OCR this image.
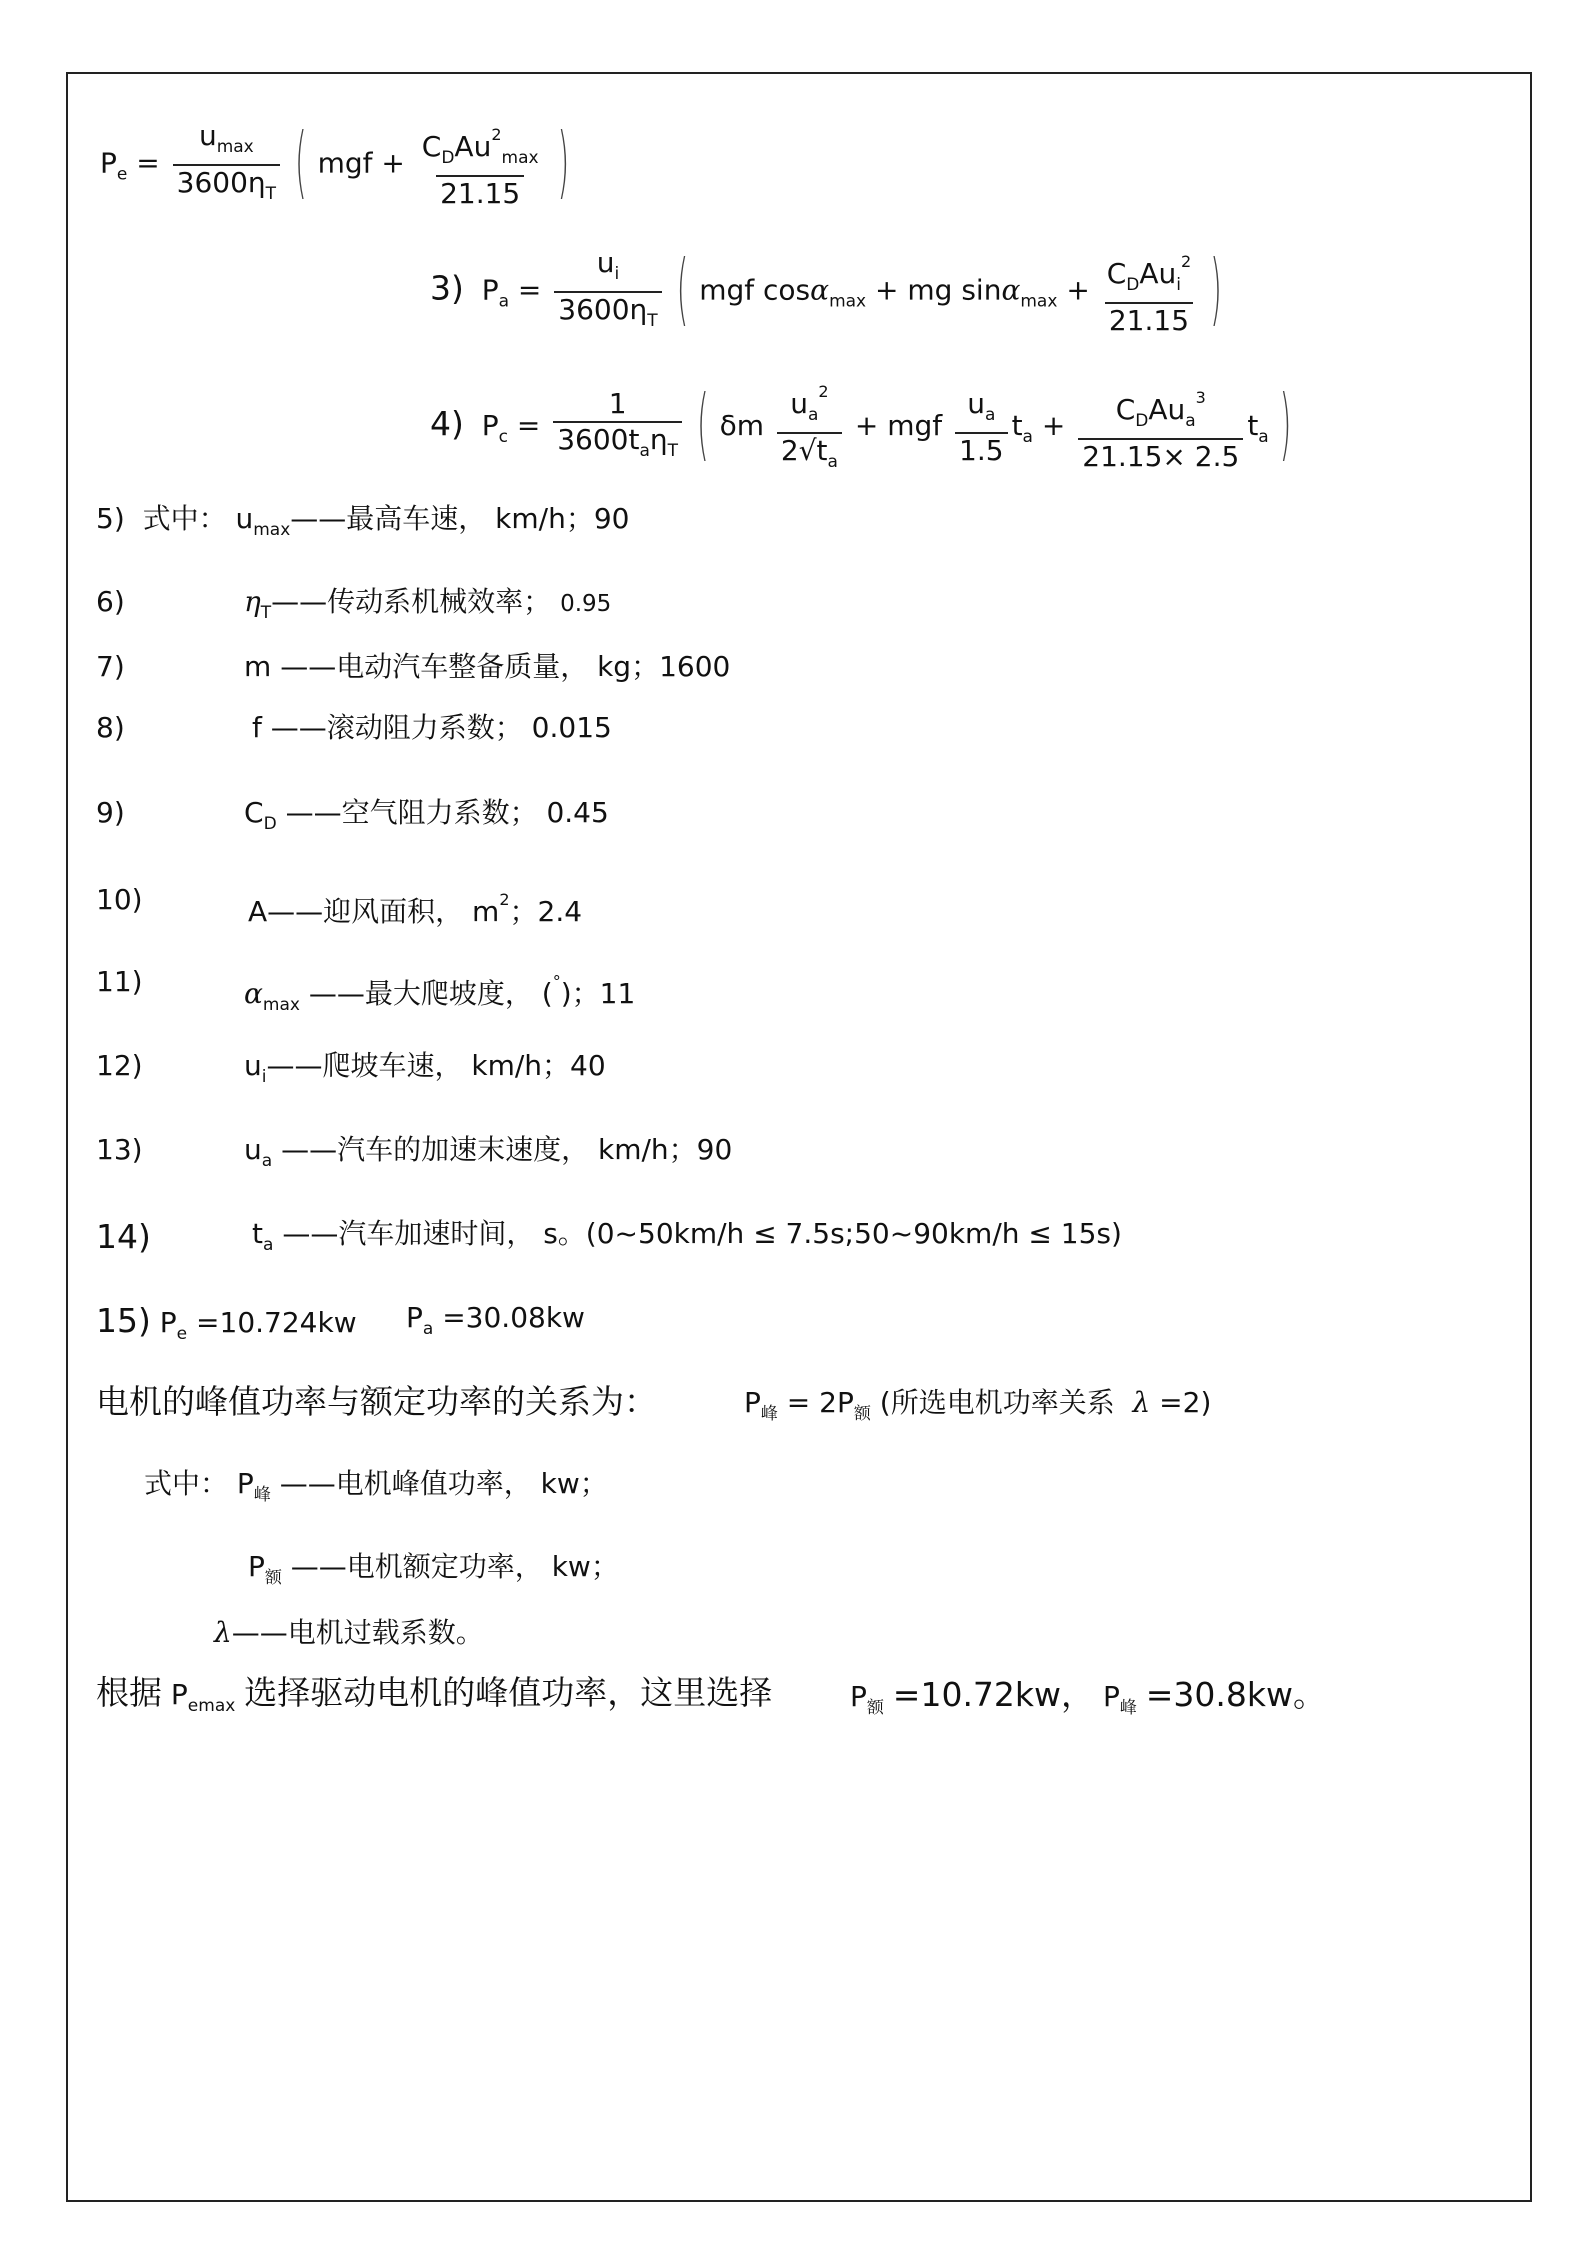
$P_e = \frac{u_{max}}{3600\eta_T}$ ( mgf + $\frac{C_DAu^2_{max}}{21.15}$ )
3) $P_a = \frac{u_i}{3600\eta_T}$ ( mgf cosα$_{max}$ + mg $\sin\alpha_{max} + \frac{C_DAu_i^2}{21.15}$ )
4) $P_c = \frac{1}{3600t_a\eta_T}$ ( δm $\frac{u_a^2}{2√t_a}$ + mgf $\frac{u_a}{1.5} t_a + \frac{C_DAu_a^3}{21.15\times 2.5} t_a$ )
5) 式中： $u_{max}——$最高车速， km/h；90
6)	$\eta_T——$传动系机械效率； 0.95
7)	m ——电动汽车整备质量， kg；1600
8)	f ——滚动阻力系数； 0.015
9)	$C_D$ ——空气阻力系数； 0.45
10)	A——迎风面积， $m^2$；2.4
11)	$\alpha_{max}$ ——最大爬坡度， (°)；11
12)	$u_i——$爬坡车速， km/h；40
13)	$u_a$ ——汽车的加速末速度， km/h；90
14)	$t_a$ ——汽车加速时间， s。(0~50km/h ≤ 7.5s;50~90km/h ≤ 15s)
15) $P_e =10.724kw$ $P_a =30.08kw$
电机的峰值功率与额定功率的关系为：	$P_峰 = 2P_额$ (所选电机功率关系 λ =2)
式中： $P_峰$ ——电机峰值功率， kw；
$P_额$ ——电机额定功率， kw；
λ——电机过载系数。
根据 $P_{emax}$ 选择驱动电机的峰值功率，这里选择	$P_额 =10.72kw$， $P_峰 =30.8kw$。
